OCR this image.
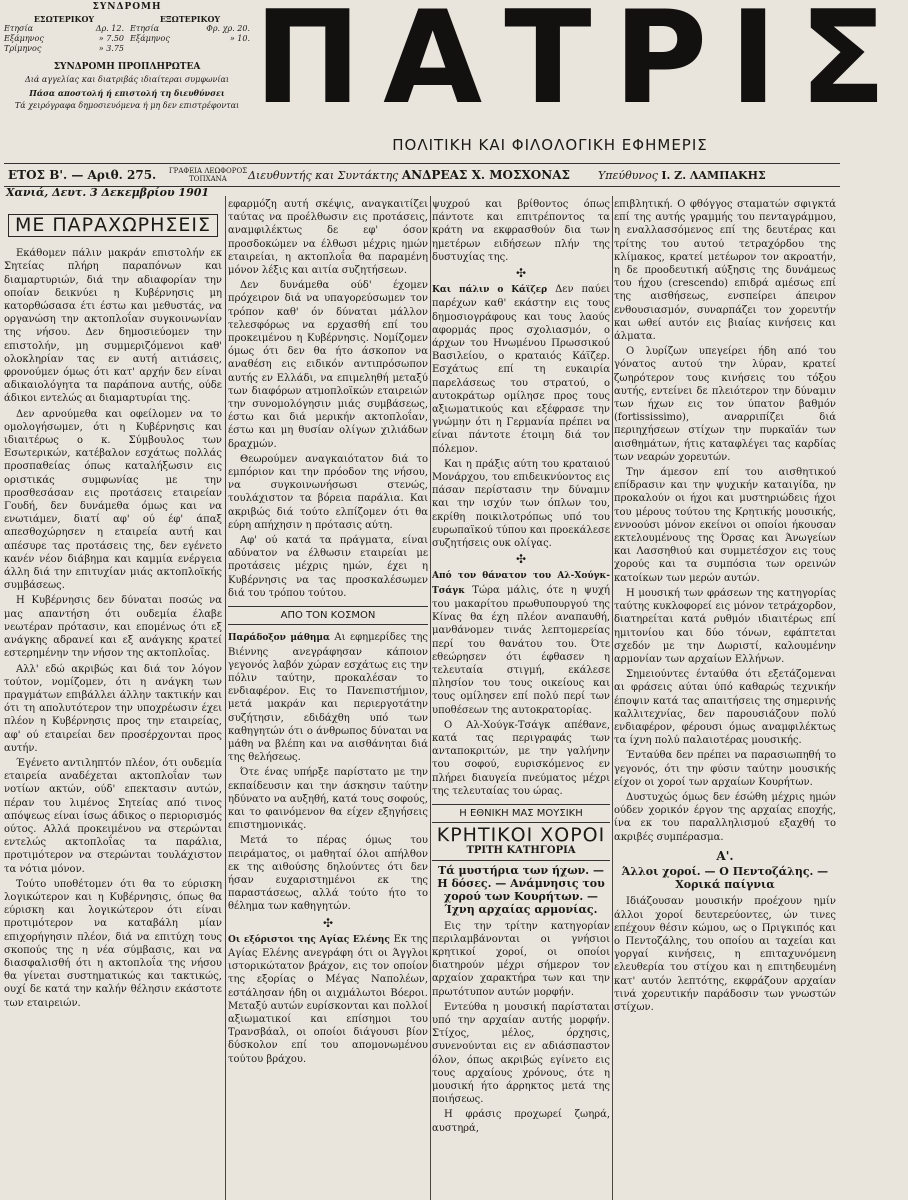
ΣΥΝΔΡΟΜΗ
ΕΣΩΤΕΡΙΚΟΥ
Ετησία	Δρ. 12.
Εξάμηνος	» 7.50
Τρίμηνος	» 3.75
ΕΞΩΤΕΡΙΚΟΥ
Ετησία	Φρ. χρ. 20.
Εξάμηνος	» 10.
ΣΥΝΔΡΟΜΗ ΠΡΟΠΛΗΡΩΤΕΑ
Διά αγγελίας και διατριβάς ιδιαίτεραι συμφωνίαι
Πάσα αποστολή ή επιστολή τη διευθύνσει
Τά χειρόγραφα δημοσιευόμενα ή μη δεν επιστρέφονται ΠΑΤΡΙΣ
ΠΟΛΙΤΙΚΗ ΚΑΙ ΦΙΛΟΛΟΓΙΚΗ ΕΦΗΜΕΡΙΣ
ΕΤΟΣ Β'. — Αριθ. 275.	ΓΡΑΦΕΙΑ ΛΕΩΦΟΡΟΣ ΤΟΠΧΑΝΑ	Διευθυντής και Συντάκτης ΑΝΔΡΕΑΣ Χ. ΜΟΣΧΟΝΑΣ	Υπεύθυνος Ι. Ζ. ΛΑΜΠΑΚΗΣ
Χανιά, Δευτ. 3 Δεκεμβρίου 1901
ΜΕ ΠΑΡΑΧΩΡΗΣΕΙΣ

Εκάθομεν πάλιν μακράν επιστολήν εκ Σητείας πλήρη παραπόνων και διαμαρτυριών, διά την αδιαφορίαν την οποίαν δεικνύει η Κυβέρνησις μη κατορθώσασα έτι έστω και μεθυστάς, να οργανώση την ακτοπλοΐαν συγκοινωνίαν της νήσου. Δεν δημοσιεύομεν την επιστολήν, μη συμμεριζόμενοι καθ' ολοκληρίαν τας εν αυτή αιτιάσεις, φρονούμεν όμως ότι κατ' αρχήν δεν είναι αδικαιολόγητα τα παράπονα αυτής, ούδε άδικοι εντελώς αι διαμαρτυρίαι της.

Δεν αρνούμεθα και οφείλομεν να το ομολογήσωμεν, ότι η Κυβέρνησις και ιδιαιτέρως ο κ. Σύμβουλος των Εσωτερικών, κατέβαλον εσχάτως πολλάς προσπαθείας όπως καταλήξωσιν εις οριστικάς συμφωνίας με την προσθεσάσαν εις προτάσεις εταιρείαν Γουδή, δεν δυνάμεθα όμως και να ενωτιάμεν, διατί αφ' ού έφ' άπαξ απεσθοχώρησεν η εταιρεία αυτή και απέσυρε τας προτάσεις της, δεν εγένετο κανέν νέον διάβημα και καμμία ενέργεια άλλη διά την επιτυχίαν μιάς ακτοπλοϊκής συμβάσεως.

Η Κυβέρνησις δεν δύναται ποσώς να μας απαντήση ότι ουδεμία έλαβε νεωτέραν πρότασιν, και επομένως ότι εξ ανάγκης αδρανεί και εξ ανάγκης κρατεί εστερημένην την νήσον της ακτοπλοΐας.

Αλλ' εδώ ακριβώς και διά τον λόγον τούτον, νομίζομεν, ότι η ανάγκη των πραγμάτων επιβάλλει άλλην τακτικήν και ότι τη απολυτότερον την υποχρέωσιν έχει πλέον η Κυβέρνησις προς την εταιρείας, αφ' ού εταιρείαι δεν προσέρχονται προς αυτήν.

Έγένετο αντιληπτόν πλέον, ότι ουδεμία εταιρεία αναδέχεται ακτοπλοΐαν των νοτίων ακτών, ούδ' επεκτασιν αυτών, πέραν του λιμένος Σητείας από τινος απόψεως είναι ίσως άδικος ο περιορισμός ούτος. Αλλά προκειμένου να στερώνται εντελώς ακτοπλοΐας τα παράλια, προτιμότερον να στερώνται τουλάχιστον τα νότια μόνον.

Τούτο υποθέτομεν ότι θα το εύρισκη λογικώτερον και η Κυβέρνησις, όπως θα εύρισκη και λογικώτερον ότι είναι προτιμότερον να καταβάλη μίαν επιχορήγησιν πλέον, διά να επιτύχη τους σκοπούς της η νέα σύμβασις, και να διασφαλισθή ότι η ακτοπλοΐα της νήσου θα γίνεται συστηματικώς και τακτικώς, ουχί δε κατά την καλήν θέλησιν εκάστοτε των εταιρειών.

εφαρμόζη αυτή σκέψις, αναγκαιτίζει ταύτας να προέλθωσιν εις προτάσεις, αναμφιλέκτως δε εφ' όσον προσδοκώμεν να έλθωσι μέχρις ημών εταιρείαι, η ακτοπλοΐα θα παραμένη μόνον λέξις και αιτία συζητήσεων.

Δεν δυνάμεθα ούδ' έχομεν πρόχειρον διά να υπαγορεύσωμεν τον τρόπον καθ' όν δύναται μάλλον τελεσφόρως να ερχασθή επί του προκειμένου η Κυβέρνησις. Νομίζομεν όμως ότι δεν θα ήτο άσκοπον να αναθέση εις ειδικόν αντιπρόσωπον αυτής εν Ελλάδι, να επιμεληθή μεταξύ των διαφόρων ατμοπλοϊκών εταιρειών την συνομολόγησιν μιάς συμβάσεως, έστω και διά μερικήν ακτοπλοΐαν, έστω και μη θυσίαν ολίγων χιλιάδων δραχμών.

Θεωρούμεν αναγκαιότατον διά το εμπόριον και την πρόοδον της νήσου, να συγκοινωνήσωσι στενώς, τουλάχιστον τα βόρεια παράλια. Και ακριβώς διά τούτο ελπίζομεν ότι θα εύρη απήχησιν η πρότασις αύτη.

Αφ' ού κατά τα πράγματα, είναι αδύνατον να έλθωσιν εταιρείαι με προτάσεις μέχρις ημών, έχει η Κυβέρνησις να τας προσκαλέσωμεν διά του τρόπου τούτου.

ΑΠΟ ΤΟΝ ΚΟΣΜΟΝ

Παράδοξον μάθημα Αι εφημερίδες της Βιέννης ανεγράφησαν κάποιον γεγονός λαβόν χώραν εσχάτως εις την πόλιν ταύτην, προκαλέσαν το ενδιαφέρον. Εις το Πανεπιστήμιον, μετά μακράν και περιεργοτάτην συζήτησιν, εδιδάχθη υπό των καθηγητών ότι ο άνθρωπος δύναται να μάθη να βλέπη και να αισθάνηται διά της θελήσεως.

Ότε ένας υπήρξε παρίστατο με την εκπαίδευσιν και την άσκησιν ταύτην ηδύνατο να αυξηθή, κατά τους σοφούς, και το φαινόμενον θα είχεν εξηγήσεις επιστημονικάς.

Μετά το πέρας όμως του πειράματος, οι μαθηταί όλοι απήλθον εκ της αιθούσης δηλούντες ότι δεν ήσαν ευχαριστημένοι εκ της παραστάσεως, αλλά τούτο ήτο το θέλημα των καθηγητών.

✣

Οι εξόριστοι της Αγίας Ελένης Εκ της Αγίας Ελένης ανεγράφη ότι οι Άγγλοι ιστορικώτατον βράχον, εις τον οποίον της εξορίας ο Μέγας Ναπολέων, εστάλησαν ήδη οι αιχμάλωτοι Βόεροι. Μεταξύ αυτών ευρίσκονται και πολλοί αξιωματικοί και επίσημοι του Τρανσβάαλ, οι οποίοι διάγουσι βίον δύσκολον επί του απομονωμένου τούτου βράχου.

ψυχρού και βρίθοντος όπως πάντοτε και επιτρέποντος τα κράτη να εκφρασθούν δια των ημετέρων ειδήσεων πλήν της δυστυχίας της.

✣

Και πάλιν ο Κάϊζερ Δεν παύει παρέχων καθ' εκάστην εις τους δημοσιογράφους και τους λαούς αφορμάς προς σχολιασμόν, ο άρχων του Ηνωμένου Πρωσσικού Βασιλείου, ο κραταιός Κάϊζερ. Εσχάτως επί τη ευκαιρία παρελάσεως του στρατού, ο αυτοκράτωρ ομίλησε προς τους αξιωματικούς και εξέφρασε την γνώμην ότι η Γερμανία πρέπει να είναι πάντοτε έτοιμη διά τον πόλεμον.

Και η πράξις αύτη του κραταιού Μονάρχου, του επιδεικνύοντος εις πάσαν περίστασιν την δύναμιν και την ισχύν των όπλων του, εκρίθη ποικιλοτρόπως υπό του ευρωπαϊκού τύπου και προεκάλεσε συζητήσεις ουκ ολίγας.

✣

Από τον θάνατον του Αλ-Χούγκ-Τσάγκ Τώρα μάλις, ότε η ψυχή του μακαρίτου πρωθυπουργού της Κίνας θα έχη πλέον αναπαυθή, μανθάνομεν τινάς λεπτομερείας περί του θανάτου του. Ότε εθεώρησεν ότι έφθασεν η τελευταία στιγμή, εκάλεσε πλησίον του τους οικείους και τους ομίλησεν επί πολύ περί των υποθέσεων της αυτοκρατορίας.

Ο Αλ-Χούγκ-Τσάγκ απέθανε, κατά τας περιγραφάς των ανταποκριτών, με την γαλήνην του σοφού, ευρισκόμενος εν πλήρει διαυγεία πνεύματος μέχρι της τελευταίας του ώρας.

Η ΕΘΝΙΚΗ ΜΑΣ ΜΟΥΣΙΚΗ
ΚΡΗΤΙΚΟΙ ΧΟΡΟΙ
ΤΡΙΤΗ ΚΑΤΗΓΟΡΙΑ
Τά μυστήρια των ήχων. — Η δόσες. — Ανάμνησις του χορού των Κουρήτων. — Ίχνη αρχαίας αρμονίας.

Εις την τρίτην κατηγορίαν περιλαμβάνονται οι γνήσιοι κρητικοί χοροί, οι οποίοι διατηρούν μέχρι σήμερον τον αρχαίον χαρακτήρα των και την πρωτότυπον αυτών μορφήν.

Εντεύθα η μουσική παρίσταται υπό την αρχαίαν αυτής μορφήν. Στίχος, μέλος, όρχησις, συνενούνται εις εν αδιάσπαστον όλον, όπως ακριβώς εγίνετο εις τους αρχαίους χρόνους, ότε η μουσική ήτο άρρηκτος μετά της ποιήσεως.

Η φράσις προχωρεί ζωηρά, αυστηρά,

επιβλητική. Ο φθόγγος σταματών σφιγκτά επί της αυτής γραμμής του πενταγράμμου, η εναλλασσόμενος επί της δευτέρας και τρίτης του αυτού τετραχόρδου της κλίμακος, κρατεί μετέωρον τον ακροατήν, η δε προοδευτική αύξησις της δυνάμεως του ήχου (crescendo) επιδρά αμέσως επί της αισθήσεως, ενσπείρει άπειρον ενθουσιασμόν, συναρπάζει τον χορευτήν και ωθεί αυτόν εις βιαίας κινήσεις και άλματα.

Ο λυρίζων υπεγείρει ήδη από του γόνατος αυτού την λύραν, κρατεί ζωηρότερον τους κινήσεις του τόξου αυτής, εντείνει δε πλειότερον την δύναμιν των ήχων εις τον ύπατον βαθμόν (fortississimo), αναρριπίζει διά περιηχήσεων στίχων την πυρκαϊάν των αισθημάτων, ήτις καταφλέγει τας καρδίας των νεαρών χορευτών.

Την άμεσον επί του αισθητικού επίδρασιν και την ψυχικήν καταιγίδα, ην προκαλούν οι ήχοι και μυστηριώδεις ήχοι του μέρους τούτου της Κρητικής μουσικής, εννοούσι μόνον εκείνοι οι οποίοι ήκουσαν εκτελουμένους της Όρσας και Άνωγείων και Λασσηθιού και συμμετέσχον εις τους χορούς και τα συμπόσια των ορεινών κατοίκων των μερών αυτών.

Η μουσική των φράσεων της κατηγορίας ταύτης κυκλοφορεί εις μόνον τετράχορδον, διατηρείται κατά ρυθμόν ιδιαιτέρως επί ημιτονίου και δύο τόνων, εφάπτεται σχεδόν με την Δωριστί, καλουμένην αρμονίαν των αρχαίων Ελλήνων.

Σημειούντες ένταύθα ότι εξετάζομεναι αι φράσεις αύται ύπό καθαρώς τεχνικήν έποψιν κατά τας απαιτήσεις της σημερινής καλλιτεχνίας, δεν παρουσιάζουν πολύ ενδιαφέρον, φέρουσι όμως αναμφιλέκτως τα ίχνη πολύ παλαιοτέρας μουσικής.

Ένταύθα δεν πρέπει να παρασιωπηθή το γεγονός, ότι την φύσιν ταύτην μουσικής είχον οι χοροί των αρχαίων Κουρήτων.

Δυστυχώς όμως δεν έσώθη μέχρις ημών ούδεν χορικόν έργον της αρχαίας εποχής, ίνα εκ του παραλληλισμού εξαχθή το ακριβές συμπέρασμα.

Α'.
Άλλοι χοροί. — Ο Πεντοζάλης. — Χορικά παίγνια

Ιδιάζουσαν μουσικήν προέχουν ημίν άλλοι χοροί δευτερεύοντες, ών τινες επέχουν θέσιν κώμου, ως ο Πριγκιπός και ο Πεντοζάλης, του οποίου αι ταχείαι και γοργαί κινήσεις, η επιταχυνόμενη ελευθερία του στίχου και η επιτηδευμένη κατ' αυτόν λεπτότης, εκφράζουν αρχαίαν τινά χορευτικήν παράδοσιν των γνωστών στίχων.
